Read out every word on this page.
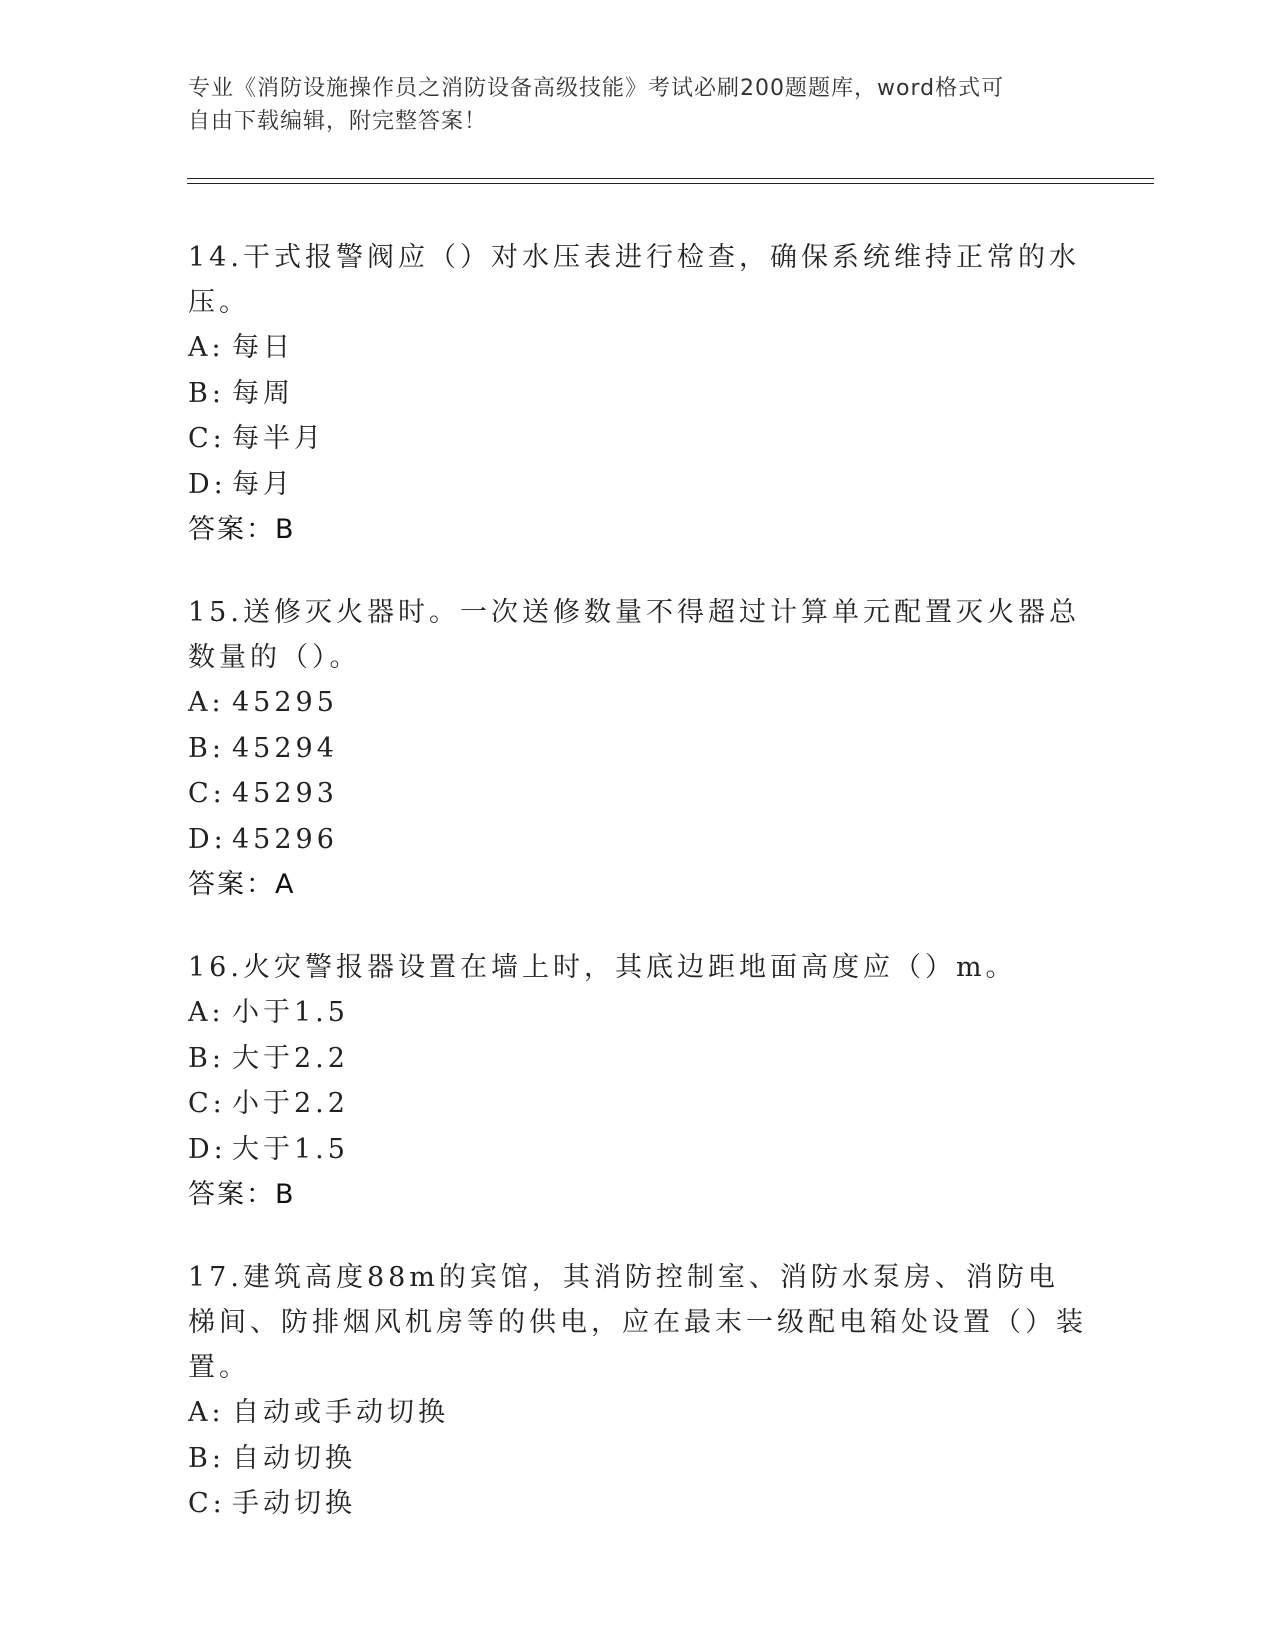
专业《消防设施操作员之消防设备高级技能》考试必刷200题题库，word格式可
自由下载编辑，附完整答案！

14.干式报警阀应（）对水压表进行检查，确保系统维持正常的水压。

A: 每日
B: 每周
C: 每半月
D: 每月
答案：B

15.送修灭火器时。一次送修数量不得超过计算单元配置灭火器总数量的（）。

A: 45295
B: 45294
C: 45293
D: 45296
答案：A

16.火灾警报器设置在墙上时，其底边距地面高度应（）m。

A: 小于1.5
B: 大于2.2
C: 小于2.2
D: 大于1.5
答案：B

17.建筑高度88m的宾馆，其消防控制室、消防水泵房、消防电梯间、防排烟风机房等的供电，应在最末一级配电箱处设置（）装置。

A: 自动或手动切换
B: 自动切换
C: 手动切换
